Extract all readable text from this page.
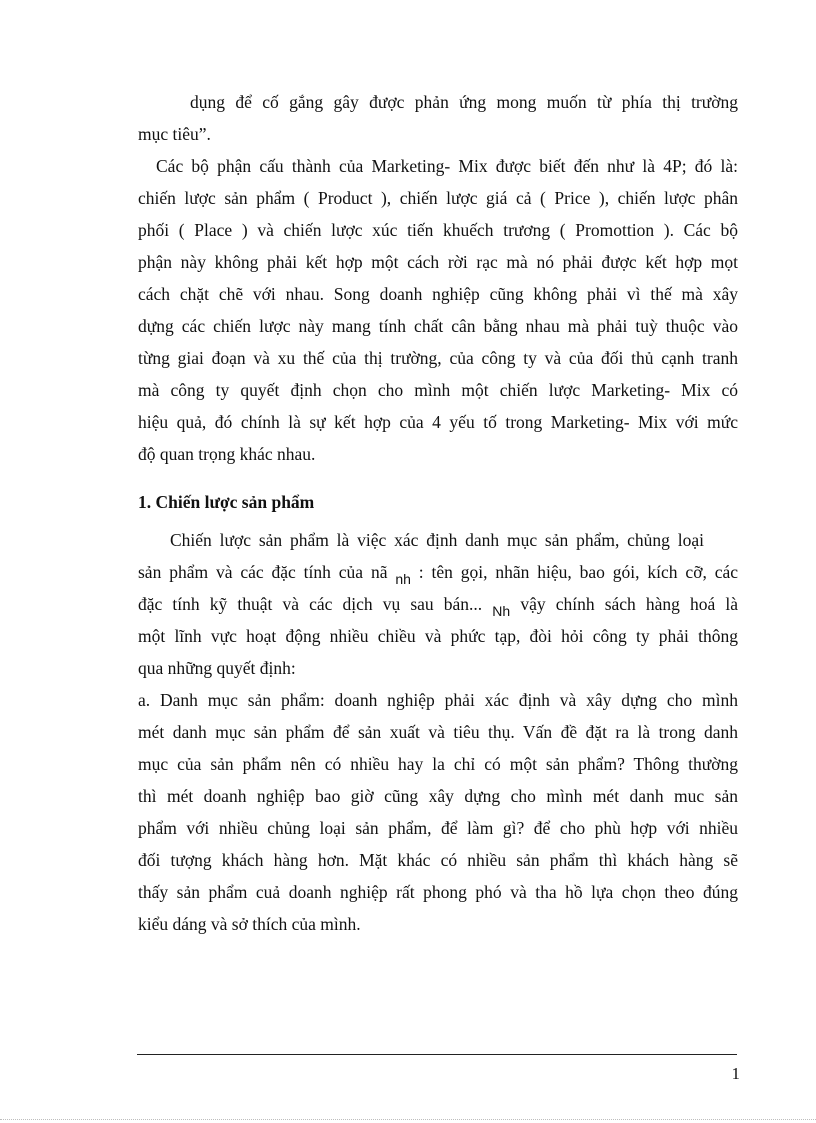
dụng để cố gắng gây được phản ứng mong muốn từ phía thị trường
mục tiêu”.
Các bộ phận cấu thành của Marketing- Mix được biết đến như là 4P; đó là:
chiến lược sản phẩm ( Product ), chiến lược giá cả ( Price ), chiến lược phân
phối ( Place ) và chiến lược xúc tiến khuếch trương ( Promottion ). Các bộ
phận này không phải kết hợp một cách rời rạc mà nó phải được kết hợp mọt
cách chặt chẽ với nhau. Song doanh nghiệp cũng không phải vì thế mà xây
dựng các chiến lược này mang tính chất cân bằng nhau mà phải tuỳ thuộc vào
từng giai đoạn và xu thế của thị trường, của công ty và của đối thủ cạnh tranh
mà công ty quyết định chọn cho mình một chiến lược Marketing- Mix có
hiệu quả, đó chính là sự kết hợp của 4 yếu tố trong Marketing- Mix với mức
độ quan trọng khác nhau.
1. Chiến lược sản phẩm
Chiến lược sản phẩm là việc xác định danh mục sản phẩm, chủng loại
sản phẩm và các đặc tính của nã nh : tên gọi, nhãn hiệu, bao gói, kích cỡ, các
đặc tính kỹ thuật và các dịch vụ sau bán... Nh vậy chính sách hàng hoá là
một lĩnh vực hoạt động nhiều chiều và phức tạp, đòi hỏi công ty phải thông
qua những quyết định:
a. Danh mục sản phẩm: doanh nghiệp phải xác định và xây dựng cho mình
mét danh mục sản phẩm để sản xuất và tiêu thụ. Vấn đề đặt ra là trong danh
mục của sản phẩm nên có nhiều hay la chỉ có một sản phẩm? Thông thường
thì mét doanh nghiệp bao giờ cũng xây dựng cho mình mét danh muc sản
phẩm với nhiều chủng loại sản phẩm, để làm gì? để cho phù hợp với nhiều
đối tượng khách hàng hơn. Mặt khác có nhiều sản phẩm thì khách hàng sẽ
thấy sản phẩm cuả doanh nghiệp rất phong phó và tha hồ lựa chọn theo đúng
kiểu dáng và sở thích của mình.
1
